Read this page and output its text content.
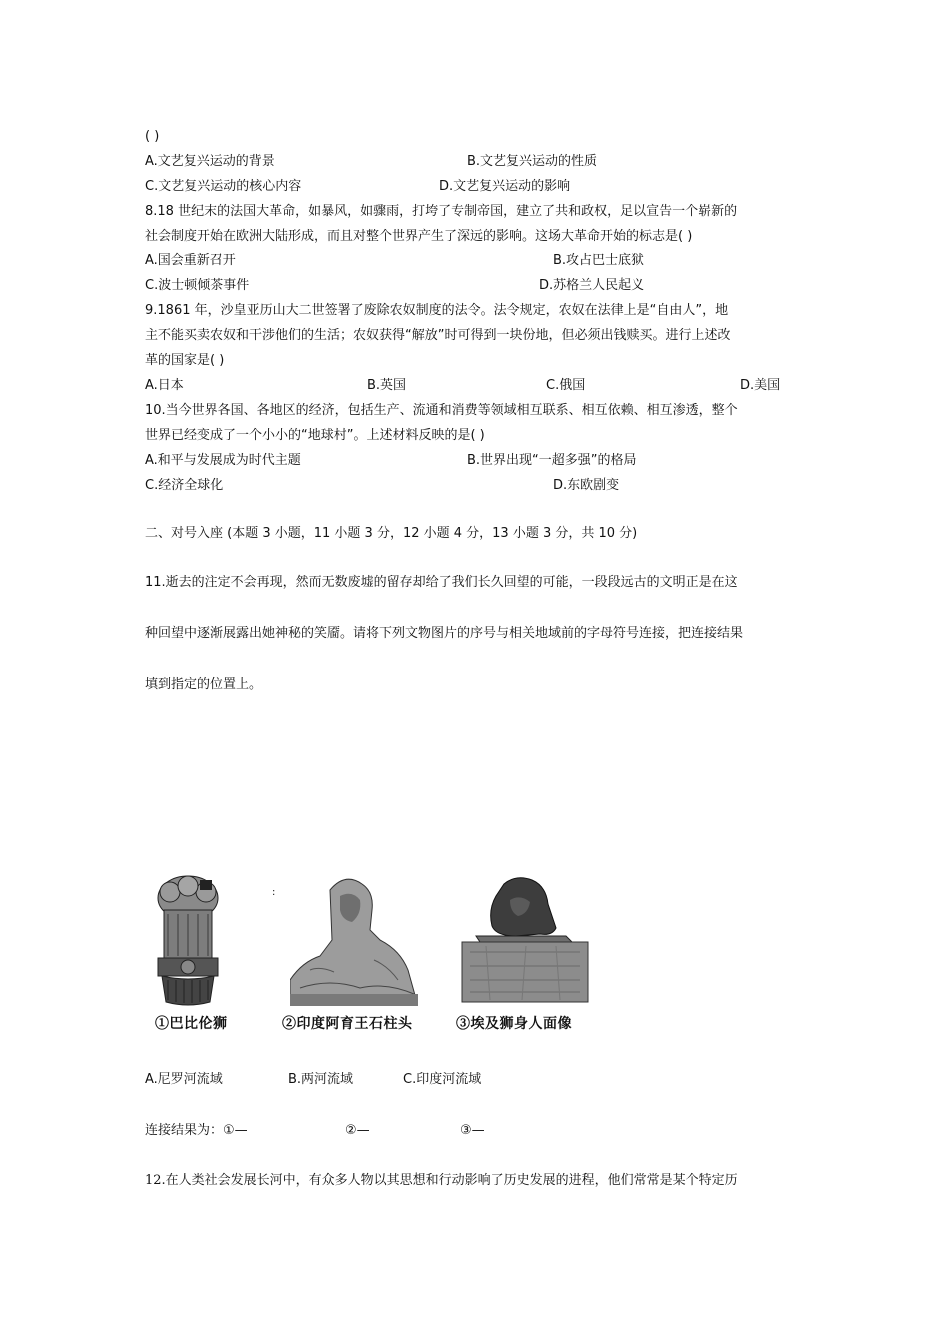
( )
A.文艺复兴运动的背景	B.文艺复兴运动的性质
C.文艺复兴运动的核心内容	D.文艺复兴运动的影响
8.18 世纪末的法国大革命，如暴风，如骤雨，打垮了专制帝国，建立了共和政权，足以宣告一个崭新的
社会制度开始在欧洲大陆形成，而且对整个世界产生了深远的影响。这场大革命开始的标志是( )
A.国会重新召开	B.攻占巴士底狱
C.波士顿倾茶事件	D.苏格兰人民起义
9.1861 年，沙皇亚历山大二世签署了废除农奴制度的法令。法令规定，农奴在法律上是“自由人”，地
主不能买卖农奴和干涉他们的生活；农奴获得“解放”时可得到一块份地，但必须出钱赎买。进行上述改
革的国家是( )
A.日本	B.英国	C.俄国	D.美国
10.当今世界各国、各地区的经济，包括生产、流通和消费等领域相互联系、相互依赖、相互渗透，整个
世界已经变成了一个小小的“地球村”。上述材料反映的是( )
A.和平与发展成为时代主题	B.世界出现“一超多强”的格局
C.经济全球化	D.东欧剧变
二、对号入座 (本题 3 小题，11 小题 3 分，12 小题 4 分，13 小题 3 分，共 10 分)
11.逝去的注定不会再现，然而无数废墟的留存却给了我们长久回望的可能，一段段远古的文明正是在这
种回望中逐渐展露出她神秘的笑靥。请将下列文物图片的序号与相关地域前的字母符号连接，把连接结果
填到指定的位置上。
:
①巴比伦狮	②印度阿育王石柱头	③埃及狮身人面像
A.尼罗河流域	B.两河流域	C.印度河流域
连接结果为：①—	②—	③—
12.在人类社会发展长河中，有众多人物以其思想和行动影响了历史发展的进程，他们常常是某个特定历
